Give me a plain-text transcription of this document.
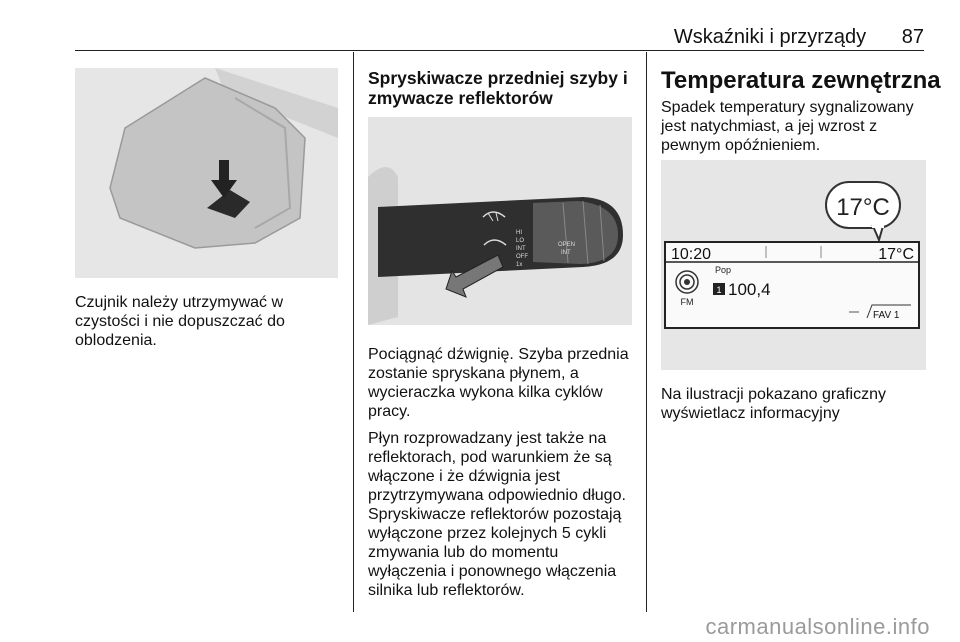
Wskaźniki i przyrządy 87
Czujnik należy utrzymywać w czystości i nie dopuszczać do oblodzenia.
Spryskiwacze przedniej szyby i zmywacze reflektorów
HI
LO
INT
OFF
1x
OPEN
INT

Pociągnąć dźwignię. Szyba przednia zostanie spryskana płynem, a wycieraczka wykona kilka cyklów pracy.

Płyn rozprowadzany jest także na reflektorach, pod warunkiem że są włączone i że dźwignia jest przytrzymywana odpowiednio długo. Spryskiwacze reflektorów pozostają wyłączone przez kolejnych 5 cykli zmywania lub do momentu wyłączenia i ponownego włączenia silnika lub reflektorów.

Temperatura zewnętrzna
Spadek temperatury sygnalizowany jest natychmiast, a jej wzrost z pewnym opóźnieniem.
17°C
10:20	17°C
FM
Pop
1 100,4
FAV 1
Na ilustracji pokazano graficzny wyświetlacz informacyjny
carmanualsonline.info
